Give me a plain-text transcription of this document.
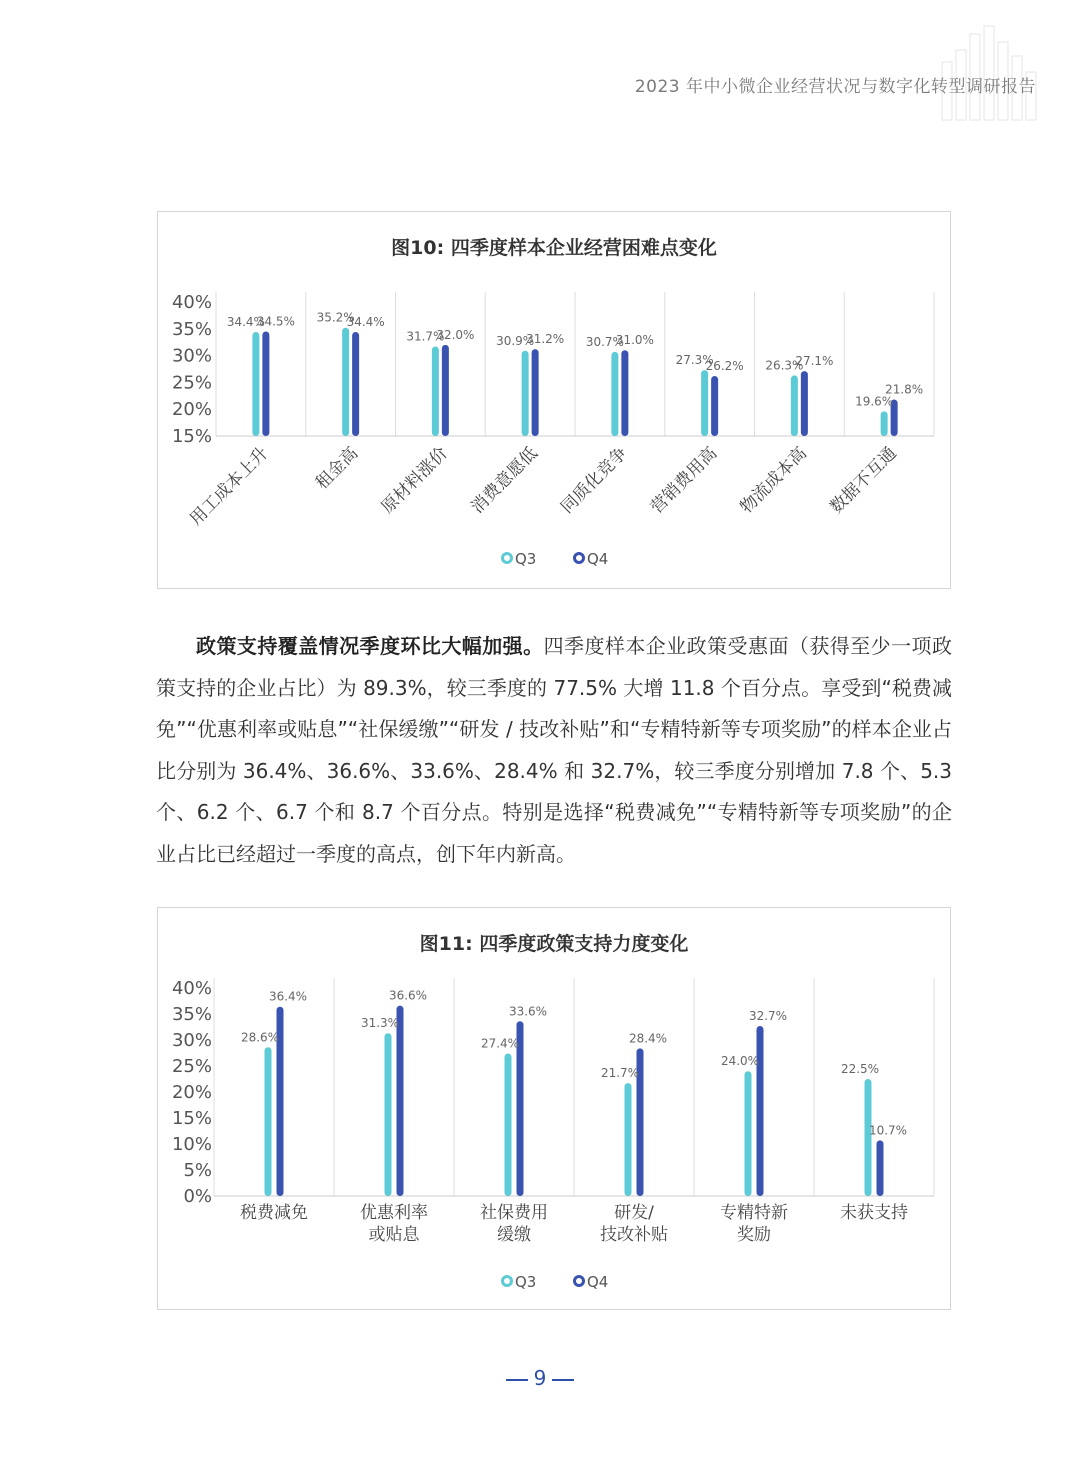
2023 年中小微企业经营状况与数字化转型调研报告
图10: 四季度样本企业经营困难点变化
15%
20%
25%
30%
35%
40%
34.4%
34.5%
用工成本上升
35.2%
34.4%
租金高
31.7%
32.0%
原材料涨价
30.9%
31.2%
消费意愿低
30.7%
31.0%
同质化竞争
27.3%
26.2%
营销费用高
26.3%
27.1%
物流成本高
19.6%
21.8%
数据不互通
Q3	Q4
政策支持覆盖情况季度环比大幅加强。四季度样本企业政策受惠面（获得至少一项政策支持的企业占比）为 89.3%，较三季度的 77.5% 大增 11.8 个百分点。享受到“税费减免”“优惠利率或贴息”“社保缓缴”“研发 / 技改补贴”和“专精特新等专项奖励”的样本企业占比分别为 36.4%、36.6%、33.6%、28.4% 和 32.7%，较三季度分别增加 7.8 个、5.3 个、6.2 个、6.7 个和 8.7 个百分点。特别是选择“税费减免”“专精特新等专项奖励”的企业占比已经超过一季度的高点，创下年内新高。
图11: 四季度政策支持力度变化
0%
5%
10%
15%
20%
25%
30%
35%
40%
28.6%
36.4%
税费减免
31.3%
36.6%
优惠利率或贴息
27.4%
33.6%
社保费用缓缴
21.7%
28.4%
研发/技改补贴
24.0%
32.7%
专精特新奖励
22.5%
10.7%
未获支持
Q3	Q4
9
